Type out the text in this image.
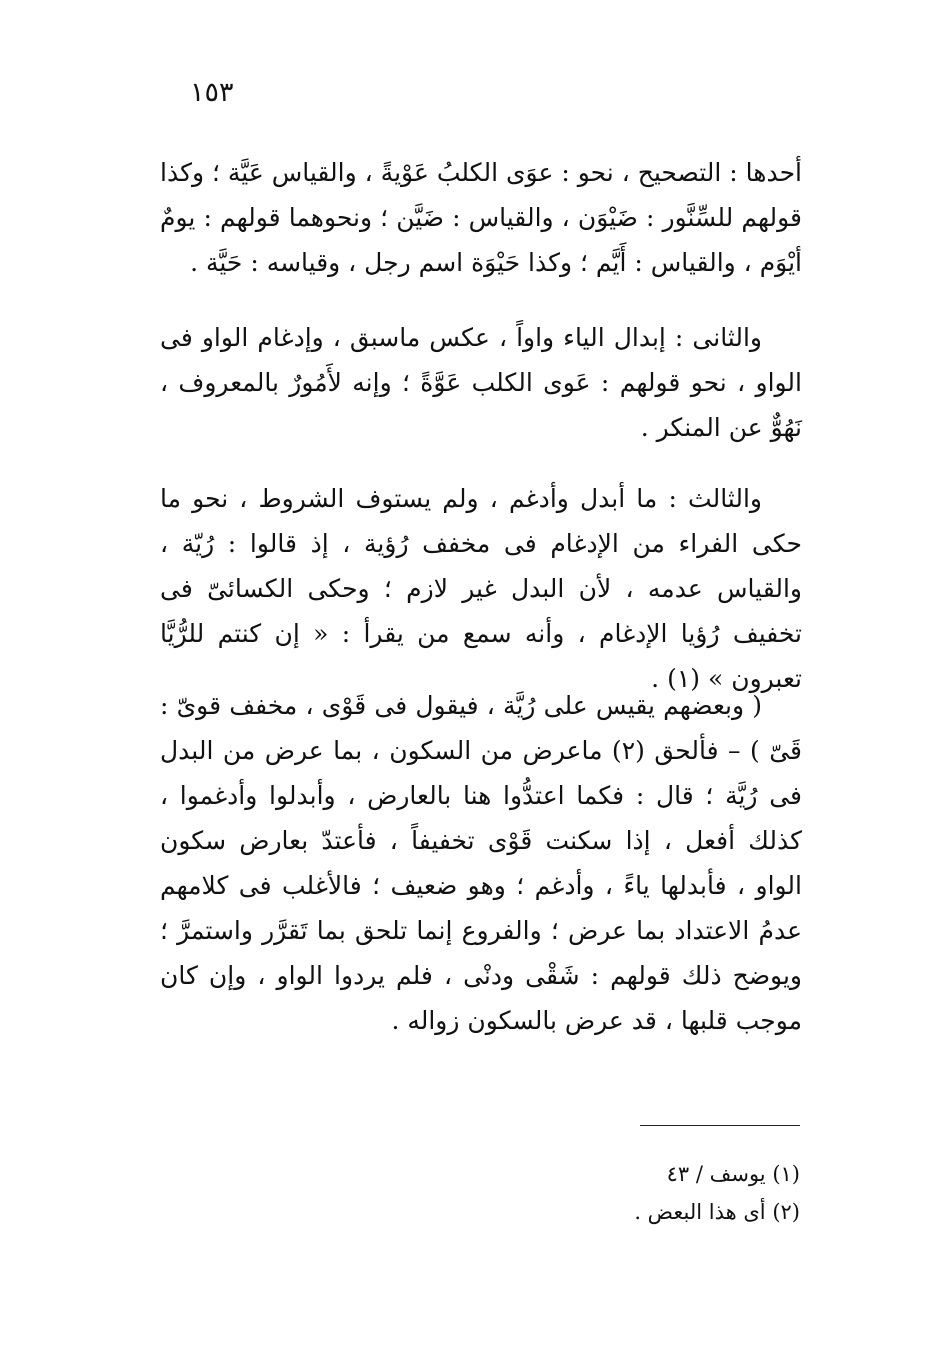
١٥٣

أحدها : التصحيح ، نحو : عوَى الكلبُ عَوْيةً ، والقياس عَيَّة ؛ وكذا قولهم للسِّنَّور : ضَيْوَن ، والقياس : ضَيَّن ؛ ونحوهما قولهم : يومٌ أيْوَم ، والقياس : أَيَّم ؛ وكذا حَيْوَة اسم رجل ، وقياسه : حَيَّة .

والثانى : إبدال الياء واواً ، عكس ماسبق ، وإدغام الواو فى الواو ، نحو قولهم : عَوى الكلب عَوَّةً ؛ وإنه لأَمُورٌ بالمعروف ، نَهُوٌّ عن المنكر .

والثالث : ما أبدل وأدغم ، ولم يستوف الشروط ، نحو ما حكى الفراء من الإدغام فى مخفف رُؤية ، إذ قالوا : رُيّة ، والقياس عدمه ، لأن البدل غير لازم ؛ وحكى الكسائىّ فى تخفيف رُؤيا الإدغام ، وأنه سمع من يقرأ : « إن كنتم للرُّيَّا تعبرون » (١) .

( وبعضهم يقيس على رُيَّة ، فيقول فى قَوْى ، مخفف قوىّ : قَىّ ) – فألحق (٢) ماعرض من السكون ، بما عرض من البدل فى رُيَّة ؛ قال : فكما اعتدُّوا هنا بالعارض ، وأبدلوا وأدغموا ، كذلك أفعل ، إذا سكنت قَوْى تخفيفاً ، فأعتدّ بعارض سكون الواو ، فأبدلها ياءً ، وأدغم ؛ وهو ضعيف ؛ فالأغلب فى كلامهم عدمُ الاعتداد بما عرض ؛ والفروع إنما تلحق بما تَقرَّر واستمرَّ ؛ ويوضح ذلك قولهم : شَقْى ودنْى ، فلم يردوا الواو ، وإن كان موجب قلبها ، قد عرض بالسكون زواله .

(١) يوسف / ٤٣

(٢) أى هذا البعض .
